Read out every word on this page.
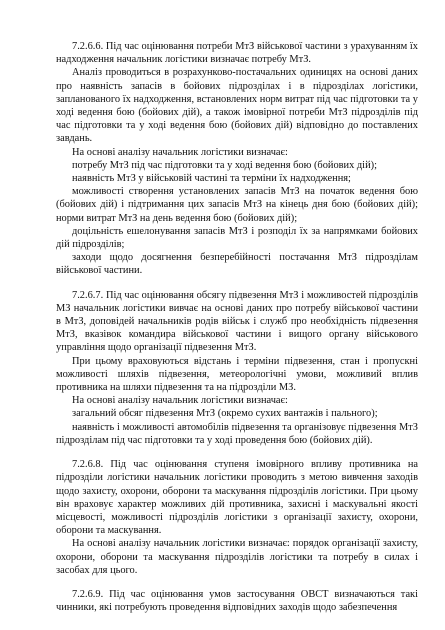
7.2.6.6. Під час оцінювання потреби МтЗ військової частини з урахуванням їх надходження начальник логістики визначає потребу МтЗ.

Аналіз проводиться в розрахунково-постачальних одиницях на основі даних про наявність запасів в бойових підрозділах і в підрозділах логістики, запланованого їх надходження, встановлених норм витрат під час підготовки та у ході ведення бою (бойових дій), а також імовірної потреби МтЗ підрозділів під час підготовки та у ході ведення бою (бойових дій) відповідно до поставлених завдань.

На основі аналізу начальник логістики визначає:

потребу МтЗ під час підготовки та у ході ведення бою (бойових дій);

наявність МтЗ у військовій частині та терміни їх надходження;

можливості створення установлених запасів МтЗ на початок ведення бою (бойових дій) і підтримання цих запасів МтЗ на кінець дня бою (бойових дій); норми витрат МтЗ на день ведення бою (бойових дій);

доцільність ешелонування запасів МтЗ і розподіл їх за напрямками бойових дій підрозділів;

заходи щодо досягнення безперебійності постачання МтЗ підрозділам військової частини.

7.2.6.7. Під час оцінювання обсягу підвезення МтЗ і можливостей підрозділів МЗ начальник логістики вивчає на основі даних про потребу військової частини в МтЗ, доповідей начальників родів військ і служб про необхідність підвезення МтЗ, вказівок командира військової частини і вищого органу військового управління щодо організації підвезення МтЗ.

При цьому враховуються відстань і терміни підвезення, стан і пропускні можливості шляхів підвезення, метеорологічні умови, можливий вплив противника на шляхи підвезення та на підрозділи МЗ.

На основі аналізу начальник логістики визначає:

загальний обсяг підвезення МтЗ (окремо сухих вантажів і пального);

наявність і можливості автомобілів підвезення та організовує підвезення МтЗ підрозділам під час підготовки та у ході проведення бою (бойових дій).

7.2.6.8. Під час оцінювання ступеня імовірного впливу противника на підрозділи логістики начальник логістики проводить з метою вивчення заходів щодо захисту, охорони, оборони та маскування підрозділів логістики. При цьому він враховує характер можливих дій противника, захисні і маскувальні якості місцевості, можливості підрозділів логістики з організації захисту, охорони, оборони та маскування.

На основі аналізу начальник логістики визначає: порядок організації захисту, охорони, оборони та маскування підрозділів логістики та потребу в силах і засобах для цього.

7.2.6.9. Під час оцінювання умов застосування ОВСТ визначаються такі чинники, які потребують проведення відповідних заходів щодо забезпечення
